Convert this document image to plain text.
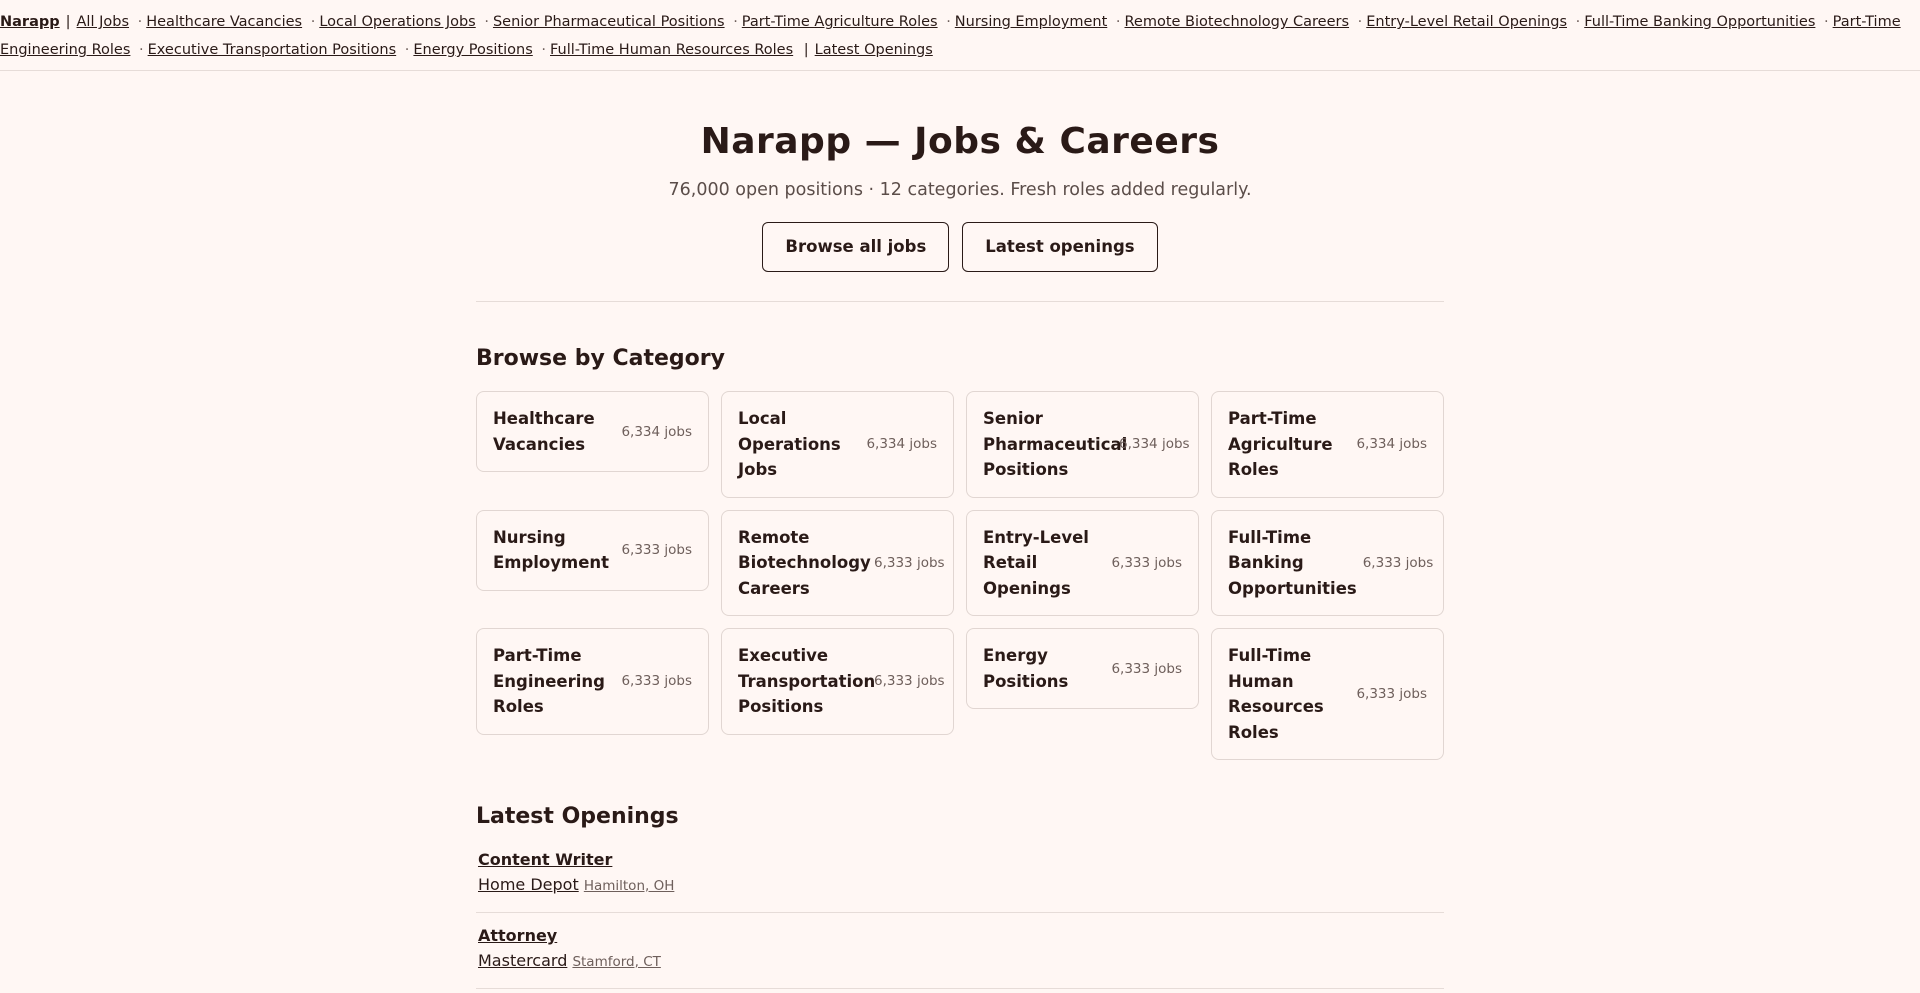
Narapp | All Jobs · Healthcare Vacancies · Local Operations Jobs · Senior Pharmaceutical Positions · Part-Time Agriculture Roles · Nursing Employment · Remote Biotechnology Careers · Entry-Level Retail Openings · Full-Time Banking Opportunities · Part-Time Engineering Roles · Executive Transportation Positions · Energy Positions · Full-Time Human Resources Roles | Latest Openings
Narapp — Jobs & Careers
76,000 open positions · 12 categories. Fresh roles added regularly.
Browse all jobs	Latest openings
Browse by Category
Healthcare Vacancies
6,334 jobs
Local Operations Jobs
6,334 jobs
Senior Pharmaceutical Positions
6,334 jobs
Part-Time Agriculture Roles
6,334 jobs
Nursing Employment
6,333 jobs
Remote Biotechnology Careers
6,333 jobs
Entry-Level Retail Openings
6,333 jobs
Full-Time Banking Opportunities
6,333 jobs
Part-Time Engineering Roles
6,333 jobs
Executive Transportation Positions
6,333 jobs
Energy Positions
6,333 jobs
Full-Time Human Resources Roles
6,333 jobs
Latest Openings
Content Writer
Home Depot Hamilton, OH
Attorney
Mastercard Stamford, CT
